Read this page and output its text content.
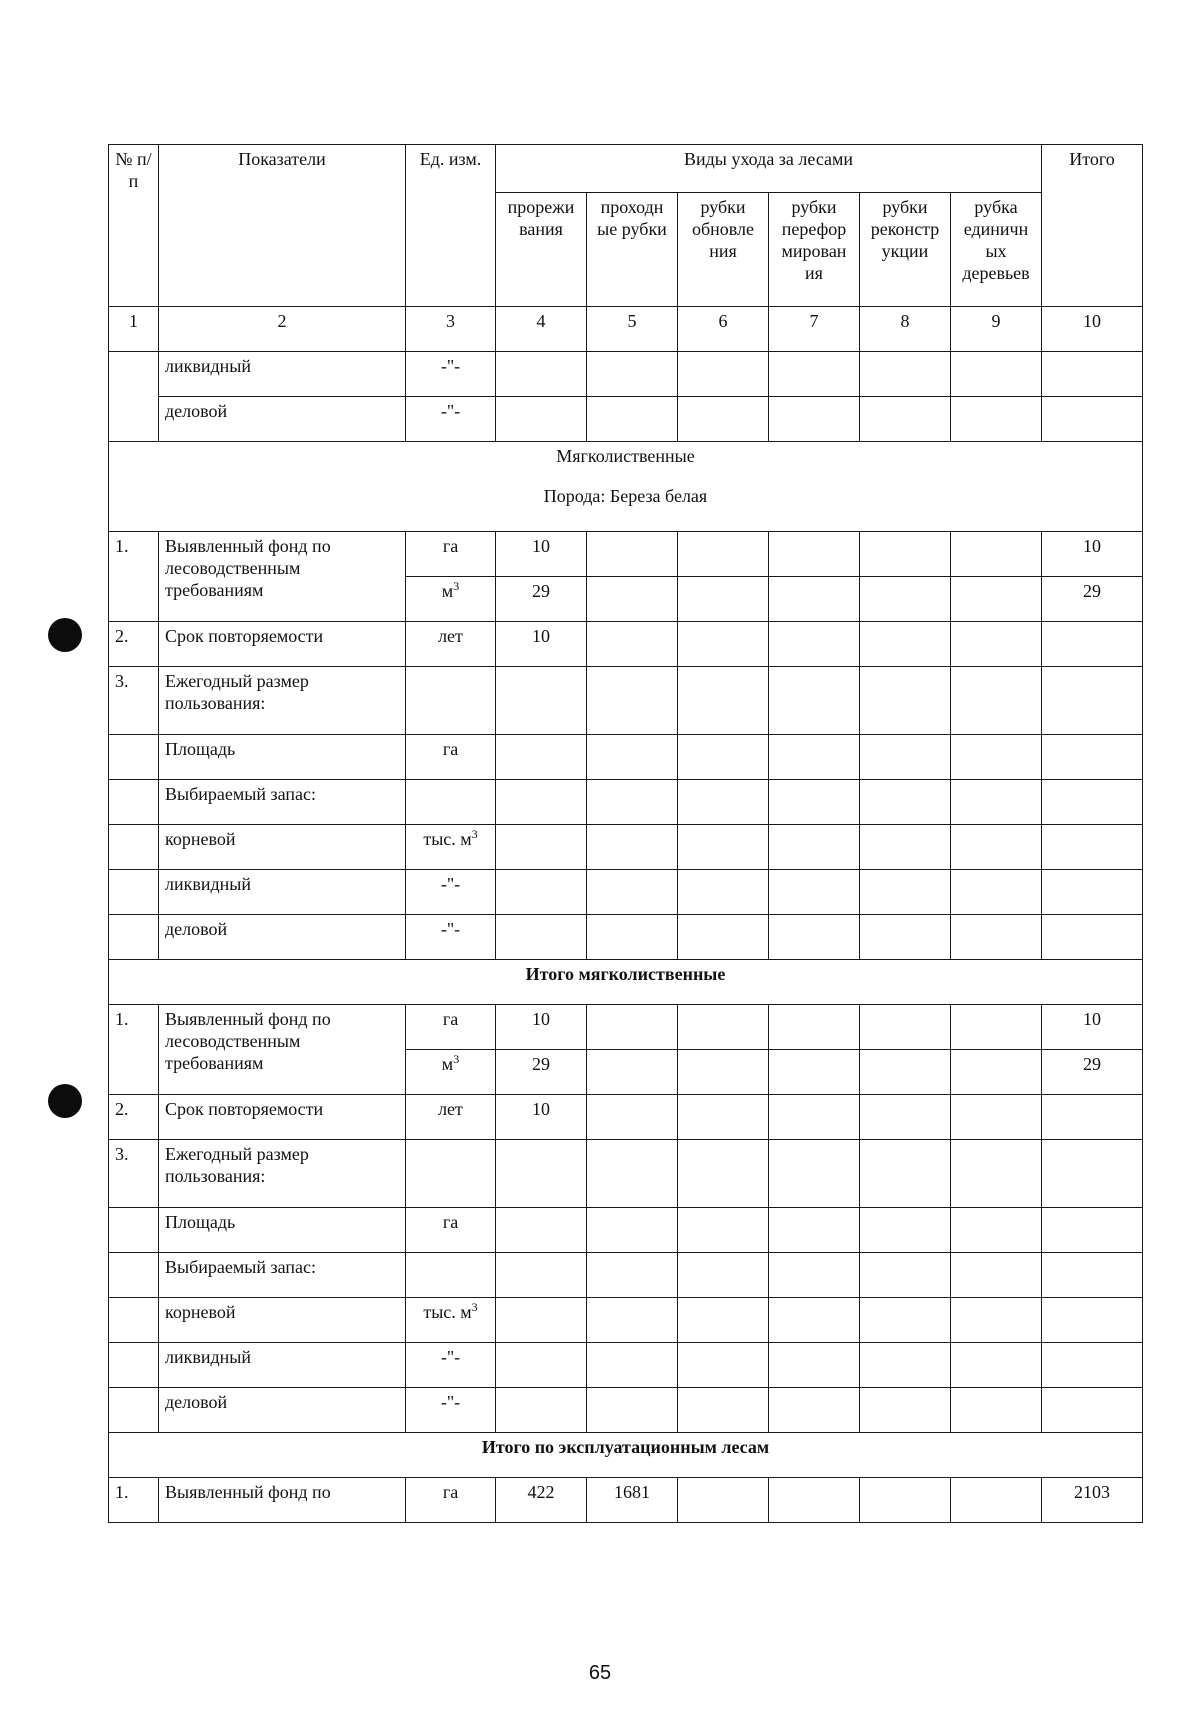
№ п/п	Показатели	Ед. изм.	Виды ухода за лесами						Итого
			прорежи вания	проходн ые рубки	рубки обновле ния	рубки перефор мирован ия	рубки реконстр укции	рубка единичн ых деревьев	
1	2	3	4	5	6	7	8	9	10
	ликвидный	-"-							
	деловой	-"-							

Мягколиственные
Порода: Береза белая									

1.	Выявленный фонд по лесоводственным требованиям	га	10						10
		$м^3$	29						29
2.	Срок повторяемости	лет	10						
3.	Ежегодный размер пользования:								
	Площадь	га							
	Выбираемый запас:								
	корневой	тыс. $м^3$							
	ликвидный	-"-							
	деловой	-"-							
Итого мягколиственные									
1.	Выявленный фонд по лесоводственным требованиям	га	10						10
		$м^3$	29						29
2.	Срок повторяемости	лет	10						
3.	Ежегодный размер пользования:								
	Площадь	га							
	Выбираемый запас:								
	корневой	тыс. $м^3$							
	ликвидный	-"-							
	деловой	-"-							
Итого по эксплуатационным лесам									
1.	Выявленный фонд по	га	422	1681					2103
65
